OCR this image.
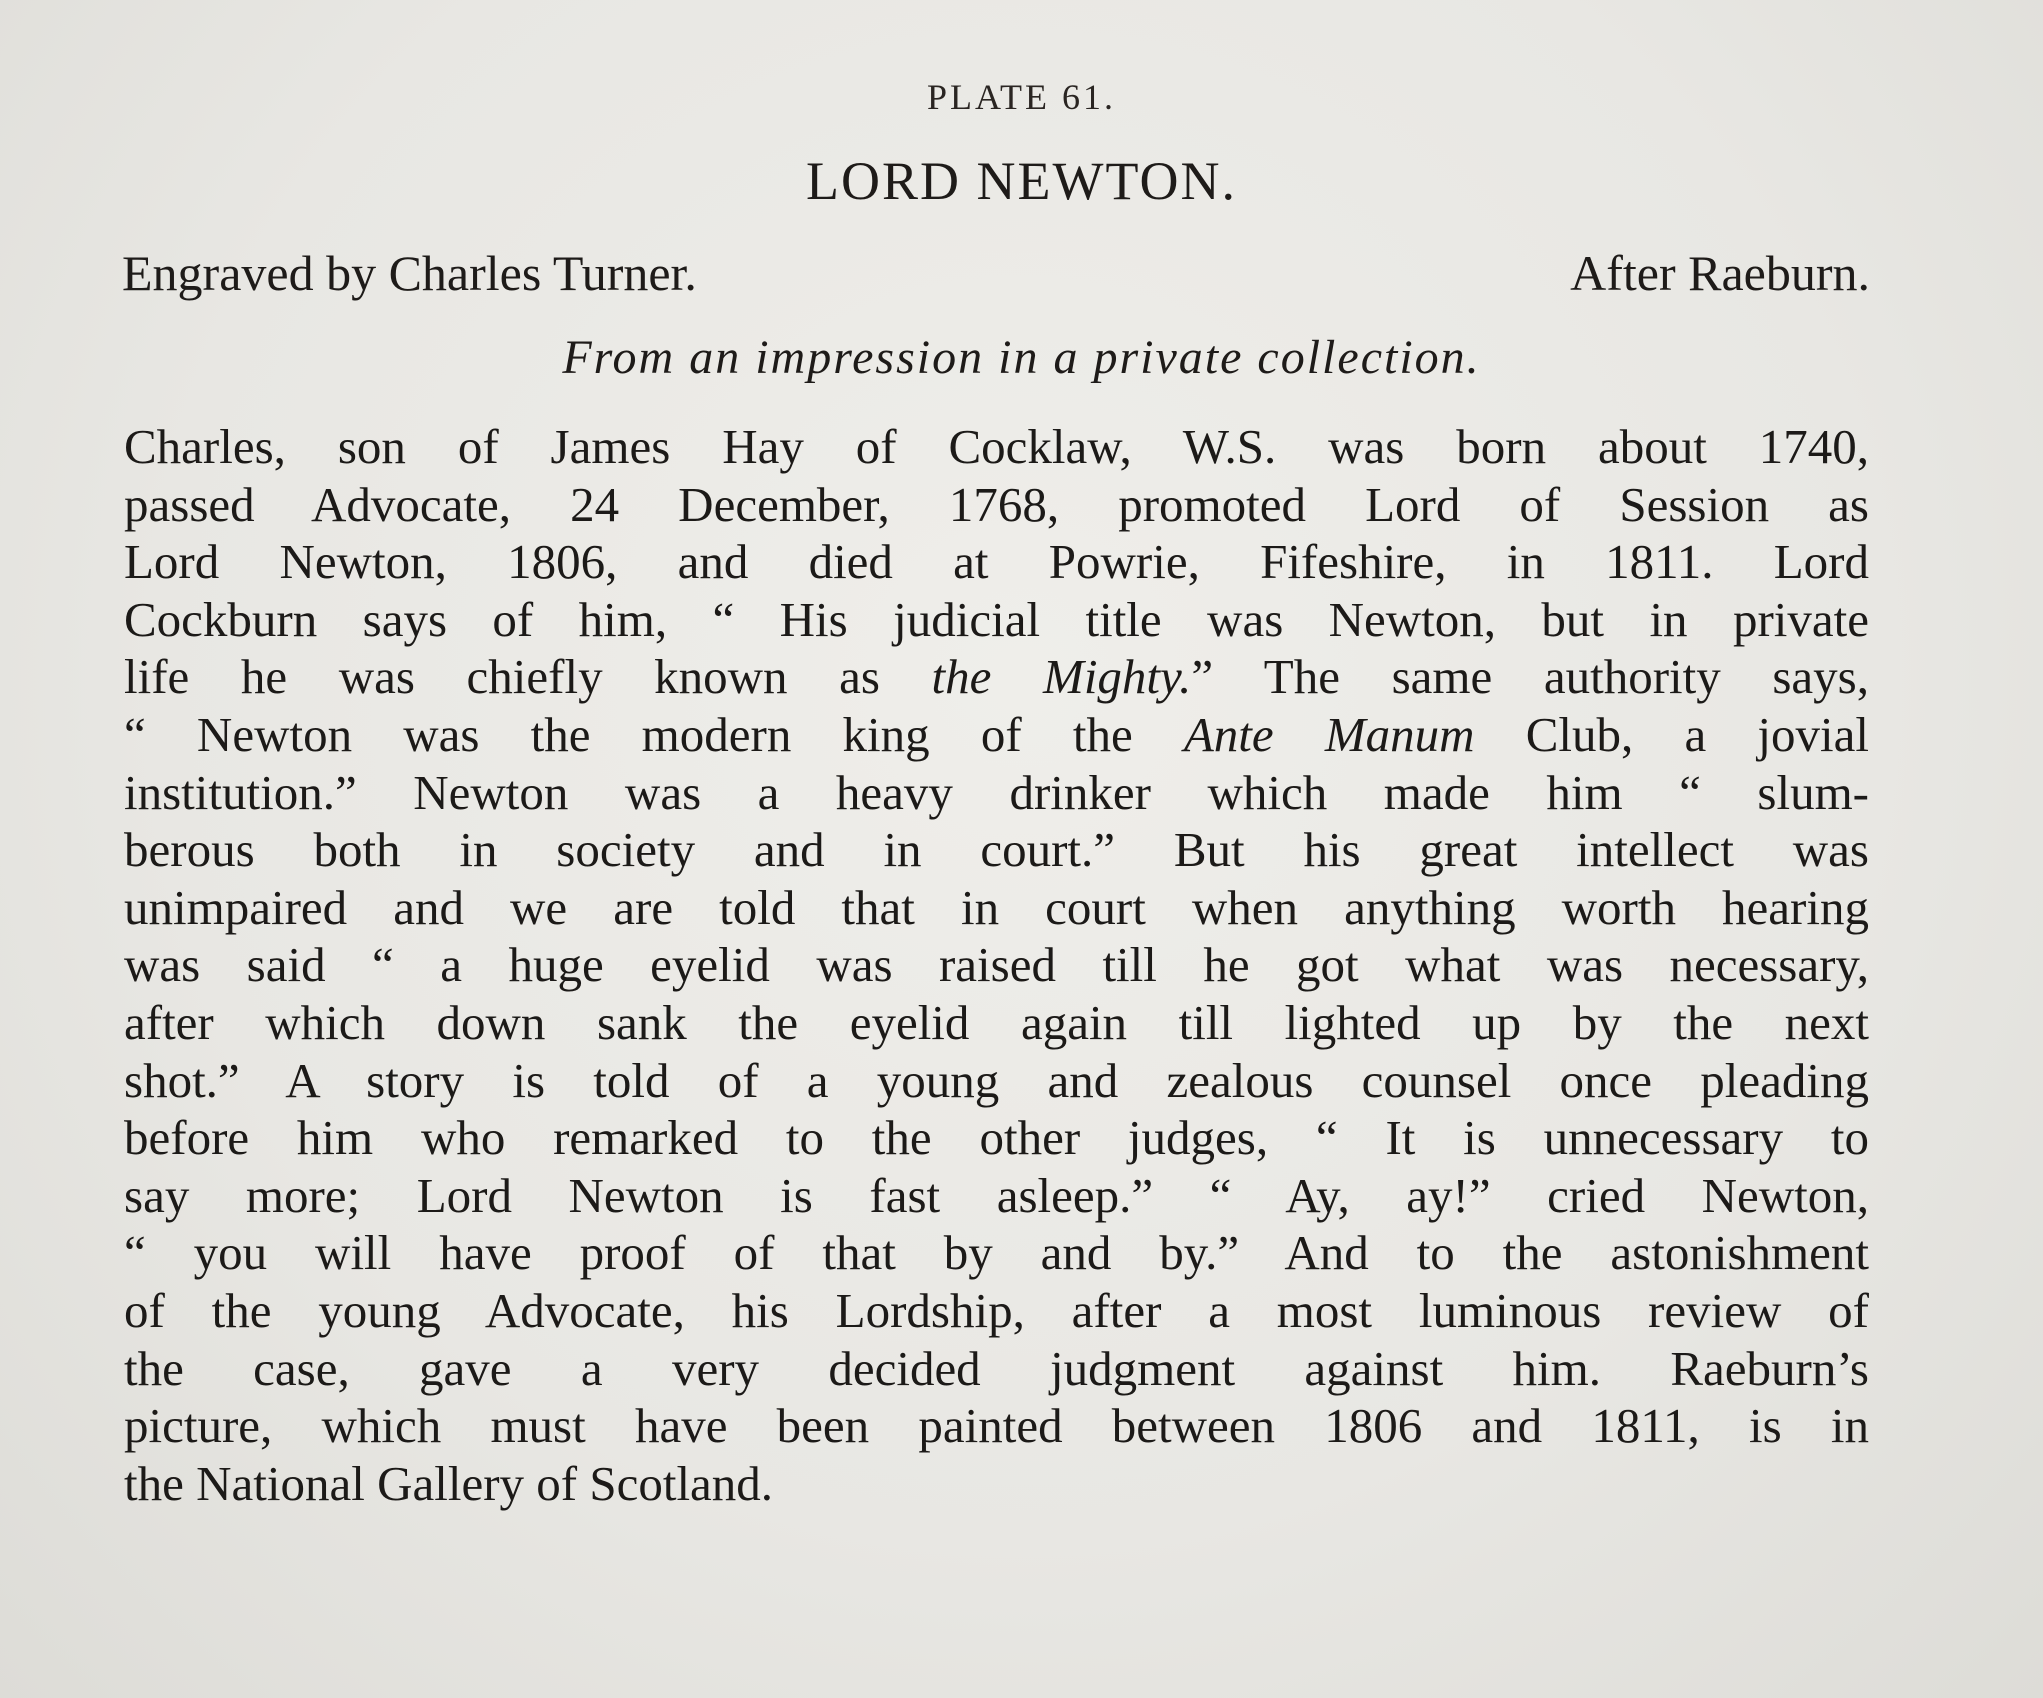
PLATE 61.
LORD NEWTON.
Engraved by Charles Turner.	After Raeburn.
From an impression in a private collection.
Charles, son of James Hay of Cocklaw, W.S. was born about 1740,
passed Advocate, 24 December, 1768, promoted Lord of Session as
Lord Newton, 1806, and died at Powrie, Fifeshire, in 1811. Lord
Cockburn says of him, “ His judicial title was Newton, but in private
life he was chiefly known as the Mighty.” The same authority says,
“ Newton was the modern king of the Ante Manum Club, a jovial
institution.” Newton was a heavy drinker which made him “ slum-
berous both in society and in court.” But his great intellect was
unimpaired and we are told that in court when anything worth hearing
was said “ a huge eyelid was raised till he got what was necessary,
after which down sank the eyelid again till lighted up by the next
shot.” A story is told of a young and zealous counsel once pleading
before him who remarked to the other judges, “ It is unnecessary to
say more; Lord Newton is fast asleep.” “ Ay, ay!” cried Newton,
“ you will have proof of that by and by.” And to the astonishment
of the young Advocate, his Lordship, after a most luminous review of
the case, gave a very decided judgment against him. Raeburn’s
picture, which must have been painted between 1806 and 1811, is in
the National Gallery of Scotland.
